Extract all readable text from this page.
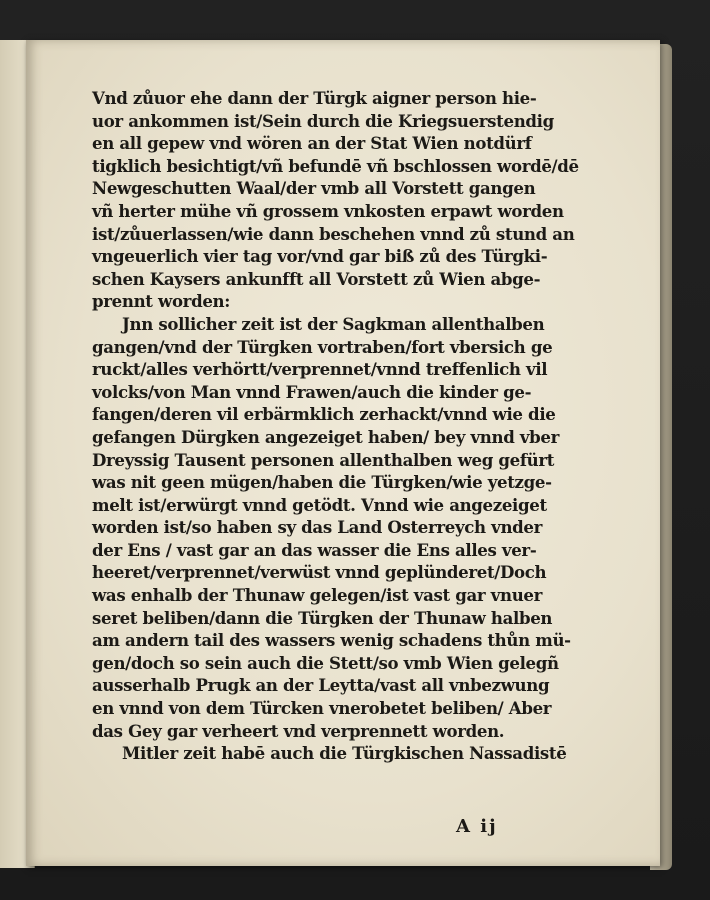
Vnd zůuor ehe dann der Türgk aigner person hie-
uor ankommen ist/Sein durch die Kriegsuerstendig
en all gepew vnd wören an der Stat Wien notdürf
tigklich besichtigt/vñ befundē vñ bschlossen wordē/dē
Newgeschutten Waal/der vmb all Vorstett gangen
vñ herter mühe vñ grossem vnkosten erpawt worden
ist/zůuerlassen/wie dann beschehen vnnd zů stund an
vngeuerlich vier tag vor/vnd gar biß zů des Türgki-
schen Kaysers ankunfft all Vorstett zů Wien abge-
prennt worden:
Jnn sollicher zeit ist der Sagkman allenthalben
gangen/vnd der Türgken vortraben/fort vbersich ge
ruckt/alles verhörtt/verprennet/vnnd treffenlich vil
volcks/von Man vnnd Frawen/auch die kinder ge-
fangen/deren vil erbärmklich zerhackt/vnnd wie die
gefangen Dürgken angezeiget haben/ bey vnnd vber
Dreyssig Tausent personen allenthalben weg gefürt
was nit geen mügen/haben die Türgken/wie yetzge-
melt ist/erwürgt vnnd getödt. Vnnd wie angezeiget
worden ist/so haben sy das Land Osterreych vnder
der Ens / vast gar an das wasser die Ens alles ver-
heeret/verprennet/verwüst vnnd geplünderet/Doch
was enhalb der Thunaw gelegen/ist vast gar vnuer
seret beliben/dann die Türgken der Thunaw halben
am andern tail des wassers wenig schadens thůn mü-
gen/doch so sein auch die Stett/so vmb Wien gelegñ
ausserhalb Prugk an der Leytta/vast all vnbezwung
en vnnd von dem Türcken vnerobetet beliben/ Aber
das Gey gar verheert vnd verprennett worden.
Mitler zeit habē auch die Türgkischen Nassadistē
A ij
